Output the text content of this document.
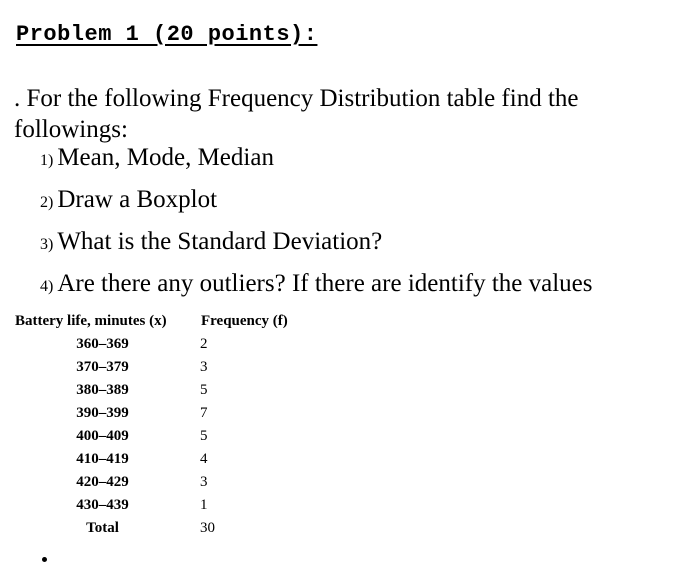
Problem 1 (20 points):
. For the following Frequency Distribution table find the followings:
1) Mean, Mode, Median
2) Draw a Boxplot
3) What is the Standard Deviation?
4) Are there any outliers? If there are identify the values
Battery life, minutes (x) Frequency (f)
360–369	2
370–379	3
380–389	5
390–399	7
400–409	5
410–419	4
420–429	3
430–439	1
Total	30
